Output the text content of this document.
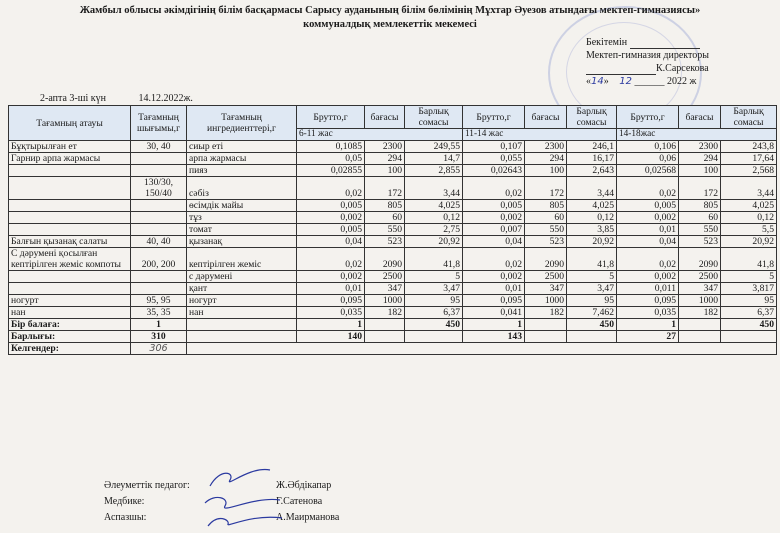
Жамбыл облысы әкімдігінің білім басқармасы Сарысу ауданының білім бөлімінің Мұхтар Әуезов атындағы мектеп-гимназиясы»
коммуналдық мемлекеттік мекемесі
Бекітемін
Мектеп-гимназия директоры
К.Сарсекова
«14» 12 ______ 2022 ж
2-апта 3-ші күн	14.12.2022ж.
Тағамның атауы	Тағамның шығымы,г	Тағамның ингредиенттері,г	Брутто,г	бағасы	Барлық сомасы	Брутто,г	бағасы	Барлық сомасы	Брутто,г	бағасы	Барлық сомасы
			6-11 жас			11-14 жас			14-18жас		
Бұқтырылған ет	30, 40	сиыр еті	0,1085	2300	249,55	0,107	2300	246,1	0,106	2300	243,8
Гарнир арпа жармасы		арпа жармасы	0,05	294	14,7	0,055	294	16,17	0,06	294	17,64
		пияз	0,02855	100	2,855	0,02643	100	2,643	0,02568	100	2,568
	130/30, 150/40	сәбіз	0,02	172	3,44	0,02	172	3,44	0,02	172	3,44
		өсімдік майы	0,005	805	4,025	0,005	805	4,025	0,005	805	4,025
		тұз	0,002	60	0,12	0,002	60	0,12	0,002	60	0,12
		томат	0,005	550	2,75	0,007	550	3,85	0,01	550	5,5
Балғын қызанақ салаты	40, 40	қызанақ	0,04	523	20,92	0,04	523	20,92	0,04	523	20,92
С дәрумені қосылған кептірілген жеміс компоты	200, 200	кептірілген жеміс	0,02	2090	41,8	0,02	2090	41,8	0,02	2090	41,8
		с дәрумені	0,002	2500	5	0,002	2500	5	0,002	2500	5
		қант	0,01	347	3,47	0,01	347	3,47	0,011	347	3,817
ногурт	95, 95	ногурт	0,095	1000	95	0,095	1000	95	0,095	1000	95
нан	35, 35	нан	0,035	182	6,37	0,041	182	7,462	0,035	182	6,37
Бір балаға:	1		1		450	1		450	1		450
Барлығы:	310		140			143			27		
Келгендер:	306										
Әлеуметтік педагог:	Ж.Әбдікапар
Медбике:	Г.Сатенова
Аспазшы:	А.Маирманова
